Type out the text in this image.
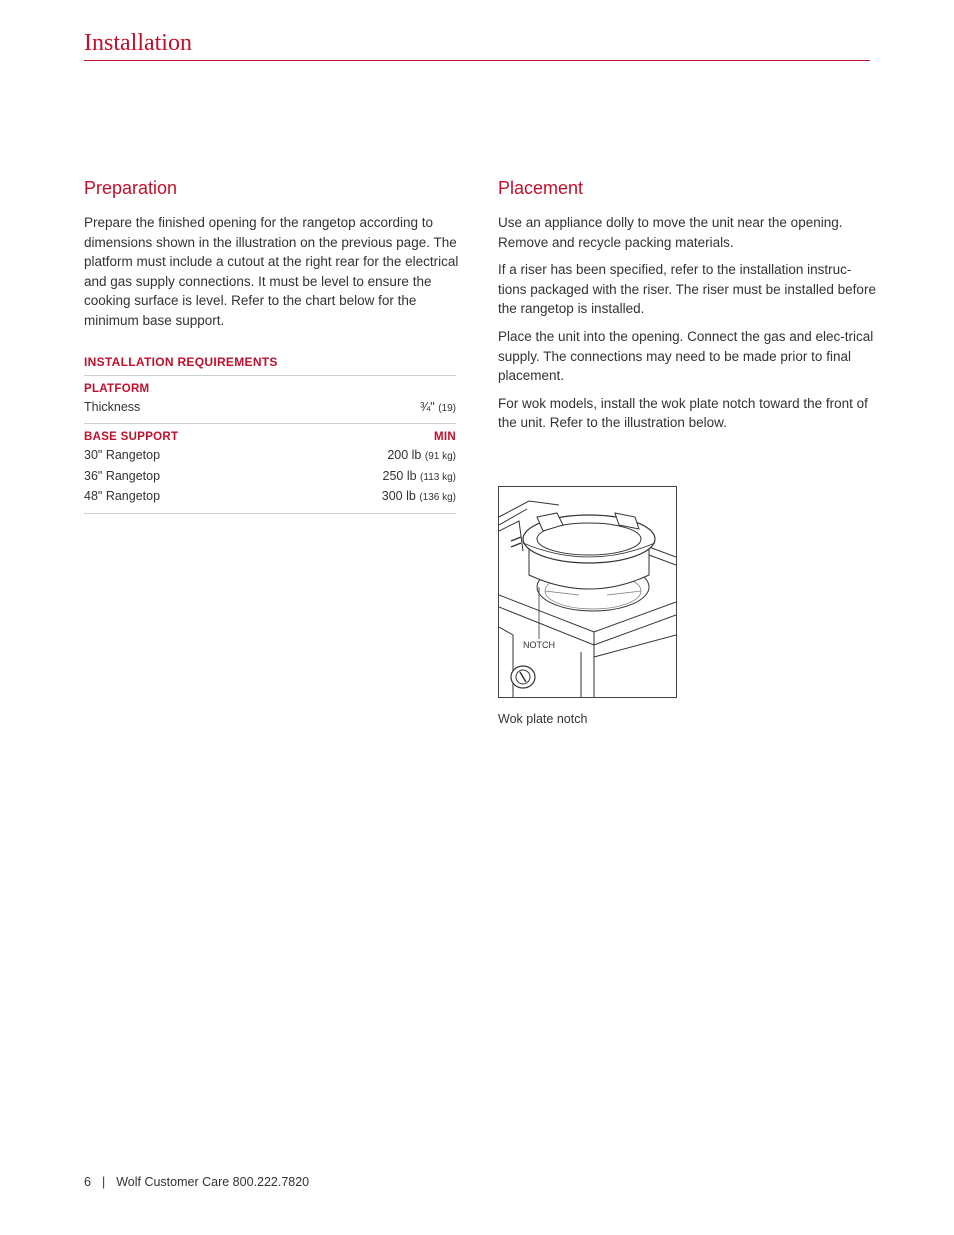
Installation
Preparation

Prepare the finished opening for the rangetop according to dimensions shown in the illustration on the previous page. The platform must include a cutout at the right rear for the electrical and gas supply connections. It must be level to ensure the cooking surface is level. Refer to the chart below for the minimum base support.

INSTALLATION REQUIREMENTS
PLATFORM
Thickness	¾" (19)
BASE SUPPORT	MIN
30" Rangetop	200 lb (91 kg)
36" Rangetop	250 lb (113 kg)
48" Rangetop	300 lb (136 kg)
Placement

Use an appliance dolly to move the unit near the opening. Remove and recycle packing materials.

If a riser has been specified, refer to the installation instruc-tions packaged with the riser. The riser must be installed before the rangetop is installed.

Place the unit into the opening. Connect the gas and elec-trical supply. The connections may need to be made prior to final placement.

For wok models, install the wok plate notch toward the front of the unit. Refer to the illustration below.

NOTCH
Wok plate notch
6 | Wolf Customer Care 800.222.7820
